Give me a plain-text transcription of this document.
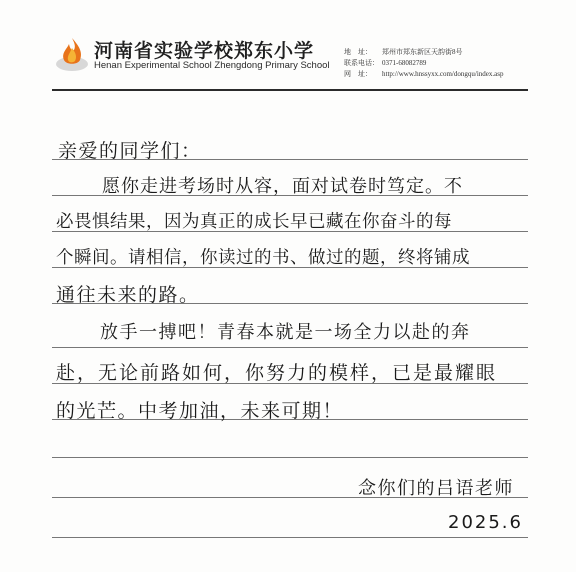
河南省实验学校郑东小学
Henan Experimental School Zhengdong Primary School
地　址： 郑州市郑东新区天韵街8号
联系电话： 0371-68082789
网　址： http://www.hnssyxx.com/dongqu/index.asp
亲爱的同学们：
愿你走进考场时从容，面对试卷时笃定。不
必畏惧结果，因为真正的成长早已藏在你奋斗的每
个瞬间。请相信，你读过的书、做过的题，终将铺成
通往未来的路。
放手一搏吧！青春本就是一场全力以赴的奔
赴，无论前路如何，你努力的模样，已是最耀眼
的光芒。中考加油，未来可期！
念你们的吕语老师
2025.6
